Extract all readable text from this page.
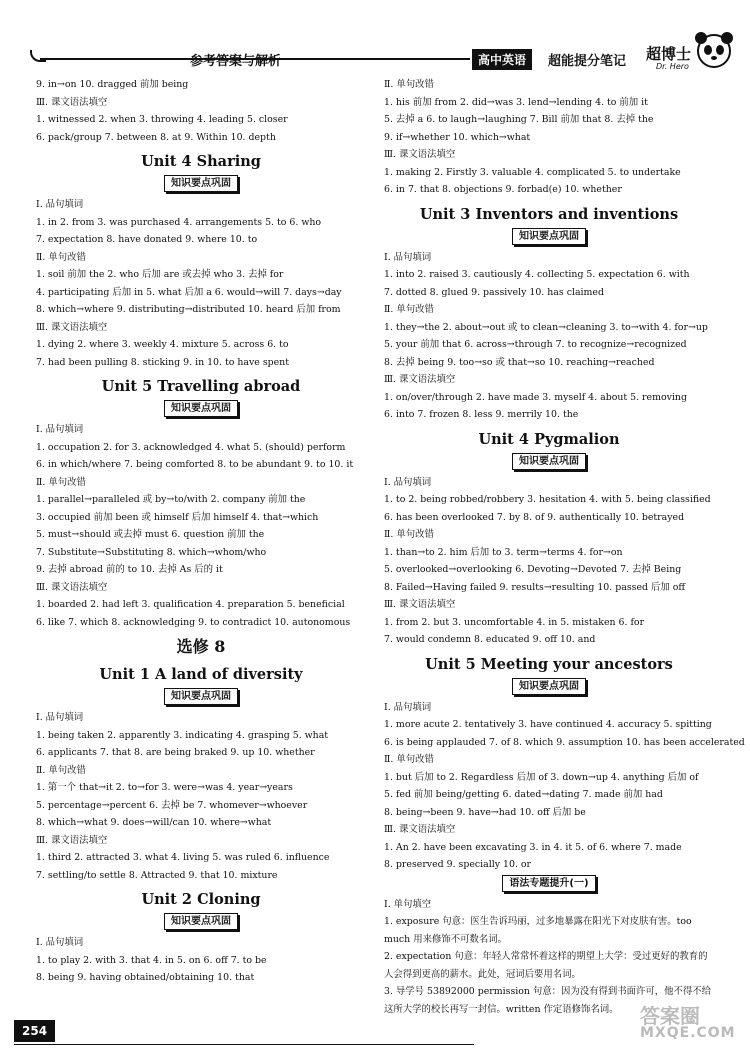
参考答案与解析	高中英语	超能提分笔记 超博士
Dr. Hero
9. in→on 10. dragged 前加 being
Ⅲ. 课文语法填空
1. witnessed 2. when 3. throwing 4. leading 5. closer
6. pack/group 7. between 8. at 9. Within 10. depth
Unit 4 Sharing
知识要点巩固
Ⅰ. 品句填词
1. in 2. from 3. was purchased 4. arrangements 5. to 6. who
7. expectation 8. have donated 9. where 10. to
Ⅱ. 单句改错
1. soil 前加 the 2. who 后加 are 或去掉 who 3. 去掉 for
4. participating 后加 in 5. what 后加 a 6. would→will 7. days→day
8. which→where 9. distributing→distributed 10. heard 后加 from
Ⅲ. 课文语法填空
1. dying 2. where 3. weekly 4. mixture 5. across 6. to
7. had been pulling 8. sticking 9. in 10. to have spent
Unit 5 Travelling abroad
知识要点巩固
Ⅰ. 品句填词
1. occupation 2. for 3. acknowledged 4. what 5. (should) perform
6. in which/where 7. being comforted 8. to be abundant 9. to 10. it
Ⅱ. 单句改错
1. parallel→paralleled 或 by→to/with 2. company 前加 the
3. occupied 前加 been 或 himself 后加 himself 4. that→which
5. must→should 或去掉 must 6. question 前加 the
7. Substitute→Substituting 8. which→whom/who
9. 去掉 abroad 前的 to 10. 去掉 As 后的 it
Ⅲ. 课文语法填空
1. boarded 2. had left 3. qualification 4. preparation 5. beneficial
6. like 7. which 8. acknowledging 9. to contradict 10. autonomous
选修 8
Unit 1 A land of diversity
知识要点巩固
Ⅰ. 品句填词
1. being taken 2. apparently 3. indicating 4. grasping 5. what
6. applicants 7. that 8. are being braked 9. up 10. whether
Ⅱ. 单句改错
1. 第一个 that→it 2. to→for 3. were→was 4. year→years
5. percentage→percent 6. 去掉 be 7. whomever→whoever
8. which→what 9. does→will/can 10. where→what
Ⅲ. 课文语法填空
1. third 2. attracted 3. what 4. living 5. was ruled 6. influence
7. settling/to settle 8. Attracted 9. that 10. mixture
Unit 2 Cloning
知识要点巩固
Ⅰ. 品句填词
1. to play 2. with 3. that 4. in 5. on 6. off 7. to be
8. being 9. having obtained/obtaining 10. that
Ⅱ. 单句改错
1. his 前加 from 2. did→was 3. lend→lending 4. to 前加 it
5. 去掉 a 6. to laugh→laughing 7. Bill 前加 that 8. 去掉 the
9. if→whether 10. which→what
Ⅲ. 课文语法填空
1. making 2. Firstly 3. valuable 4. complicated 5. to undertake
6. in 7. that 8. objections 9. forbad(e) 10. whether
Unit 3 Inventors and inventions
知识要点巩固
Ⅰ. 品句填词
1. into 2. raised 3. cautiously 4. collecting 5. expectation 6. with
7. dotted 8. glued 9. passively 10. has claimed
Ⅱ. 单句改错
1. they→the 2. about→out 或 to clean→cleaning 3. to→with 4. for→up
5. your 前加 that 6. across→through 7. to recognize→recognized
8. 去掉 being 9. too→so 或 that→so 10. reaching→reached
Ⅲ. 课文语法填空
1. on/over/through 2. have made 3. myself 4. about 5. removing
6. into 7. frozen 8. less 9. merrily 10. the
Unit 4 Pygmalion
知识要点巩固
Ⅰ. 品句填词
1. to 2. being robbed/robbery 3. hesitation 4. with 5. being classified
6. has been overlooked 7. by 8. of 9. authentically 10. betrayed
Ⅱ. 单句改错
1. than→to 2. him 后加 to 3. term→terms 4. for→on
5. overlooked→overlooking 6. Devoting→Devoted 7. 去掉 Being
8. Failed→Having failed 9. results→resulting 10. passed 后加 off
Ⅲ. 课文语法填空
1. from 2. but 3. uncomfortable 4. in 5. mistaken 6. for
7. would condemn 8. educated 9. off 10. and
Unit 5 Meeting your ancestors
知识要点巩固
Ⅰ. 品句填词
1. more acute 2. tentatively 3. have continued 4. accuracy 5. spitting
6. is being applauded 7. of 8. which 9. assumption 10. has been accelerated
Ⅱ. 单句改错
1. but 后加 to 2. Regardless 后加 of 3. down→up 4. anything 后加 of
5. fed 前加 being/getting 6. dated→dating 7. made 前加 had
8. being→been 9. have→had 10. off 后加 be
Ⅲ. 课文语法填空
1. An 2. have been excavating 3. in 4. it 5. of 6. where 7. made
8. preserved 9. specially 10. or
语法专题提升(一)
Ⅰ. 单句填空
1. exposure 句意：医生告诉玛丽，过多地暴露在阳光下对皮肤有害。too much 用来修饰不可数名词。
2. expectation 句意：年轻人常常怀着这样的期望上大学：受过更好的教育的人会得到更高的薪水。此处，冠词后要用名词。
3. 导学号 53892000 permission 句意：因为没有得到书面许可，他不得不给这所大学的校长再写一封信。written 作定语修饰名词。
254
答案圈
MXQE.COM
